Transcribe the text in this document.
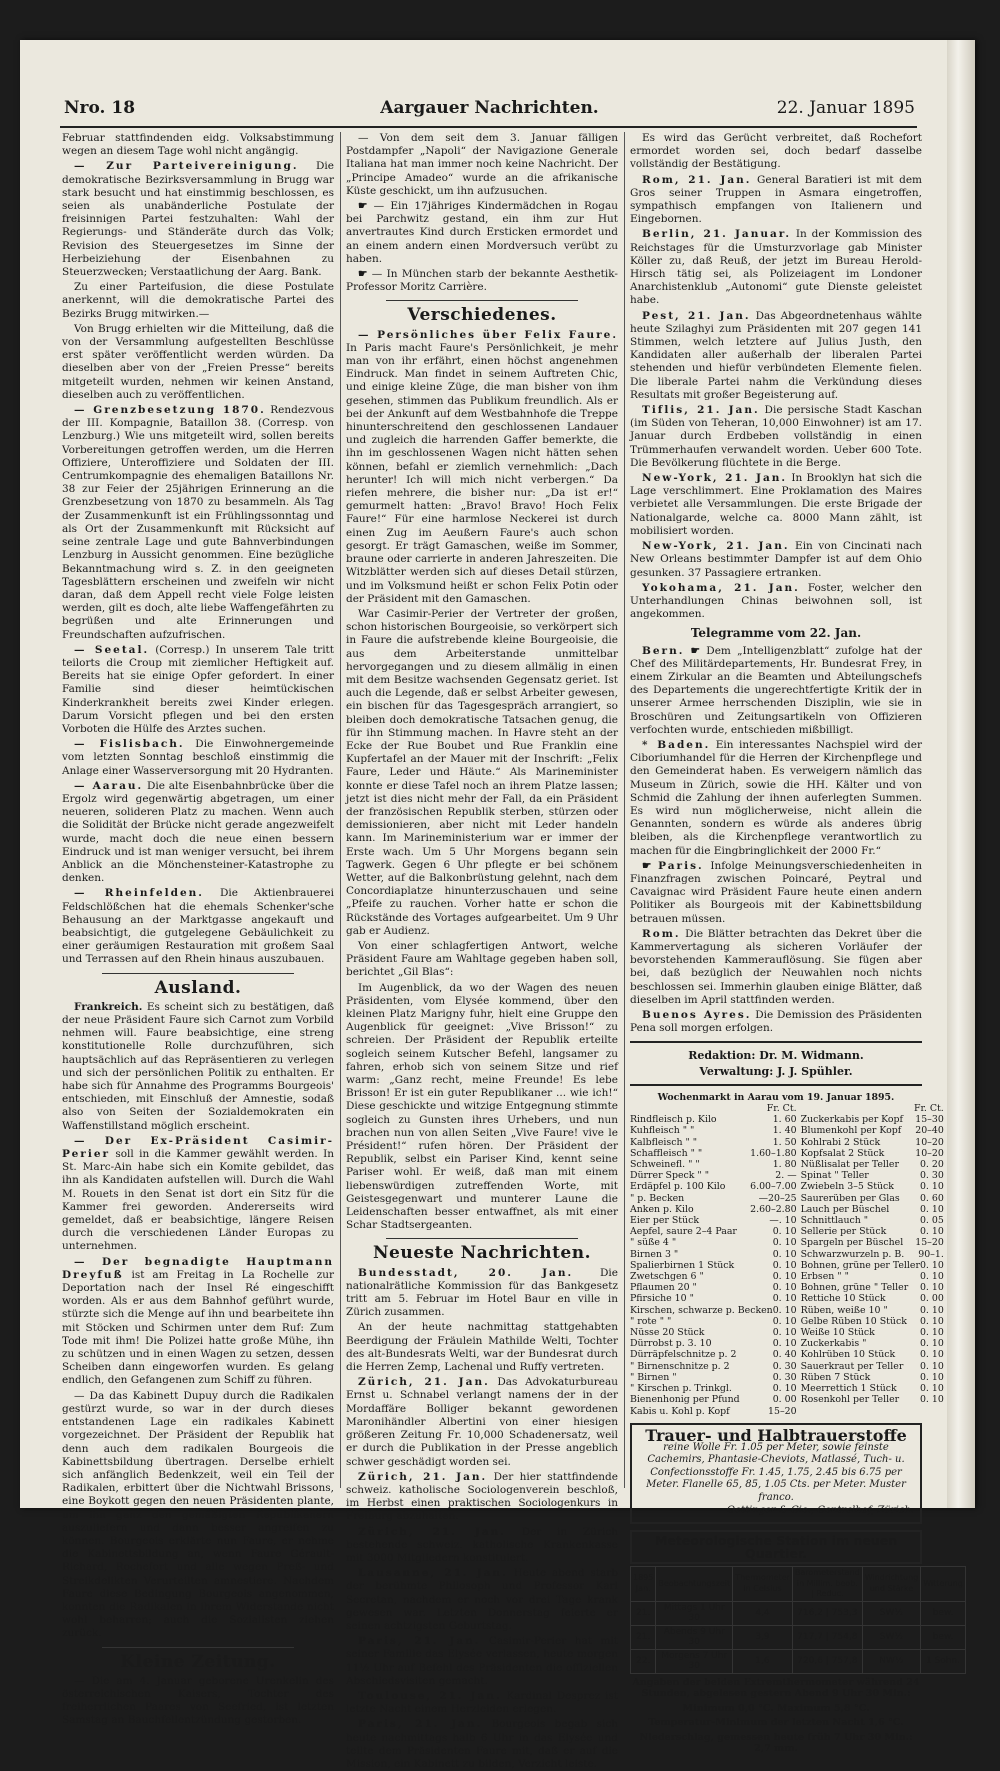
Nro. 18	Aargauer Nachrichten.	22. Januar 1895

Februar stattfindenden eidg. Volksabstimmung wegen an diesem Tage wohl nicht angängig.

— Zur Parteivereinigung. Die demokratische Bezirksversammlung in Brugg war stark besucht und hat einstimmig beschlossen, es seien als unabänderliche Postulate der freisinnigen Partei festzuhalten: Wahl der Regierungs- und Ständeräte durch das Volk; Revision des Steuergesetzes im Sinne der Herbeiziehung der Eisenbahnen zu Steuerzwecken; Verstaatlichung der Aarg. Bank.

Zu einer Parteifusion, die diese Postulate anerkennt, will die demokratische Partei des Bezirks Brugg mitwirken.—

Von Brugg erhielten wir die Mitteilung, daß die von der Versammlung aufgestellten Beschlüsse erst später veröffentlicht werden würden. Da dieselben aber von der „Freien Presse“ bereits mitgeteilt wurden, nehmen wir keinen Anstand, dieselben auch zu veröffentlichen.

— Grenzbesetzung 1870. Rendezvous der III. Kompagnie, Bataillon 38. (Corresp. von Lenzburg.) Wie uns mitgeteilt wird, sollen bereits Vorbereitungen getroffen werden, um die Herren Offiziere, Unteroffiziere und Soldaten der III. Centrumkompagnie des ehemaligen Bataillons Nr. 38 zur Feier der 25jährigen Erinnerung an die Grenzbesetzung von 1870 zu besammeln. Als Tag der Zusammenkunft ist ein Frühlingssonntag und als Ort der Zusammenkunft mit Rücksicht auf seine zentrale Lage und gute Bahnverbindungen Lenzburg in Aussicht genommen. Eine bezügliche Bekanntmachung wird s. Z. in den geeigneten Tagesblättern erscheinen und zweifeln wir nicht daran, daß dem Appell recht viele Folge leisten werden, gilt es doch, alte liebe Waffengefährten zu begrüßen und alte Erinnerungen und Freundschaften aufzufrischen.

— Seetal. (Corresp.) In unserem Tale tritt teilorts die Croup mit ziemlicher Heftigkeit auf. Bereits hat sie einige Opfer gefordert. In einer Familie sind dieser heimtückischen Kinderkrankheit bereits zwei Kinder erlegen. Darum Vorsicht pflegen und bei den ersten Vorboten die Hülfe des Arztes suchen.

— Fislisbach. Die Einwohnergemeinde vom letzten Sonntag beschloß einstimmig die Anlage einer Wasserversorgung mit 20 Hydranten.

— Aarau. Die alte Eisenbahnbrücke über die Ergolz wird gegenwärtig abgetragen, um einer neueren, solideren Platz zu machen. Wenn auch die Solidität der Brücke nicht gerade angezweifelt wurde, macht doch die neue einen bessern Eindruck und ist man weniger versucht, bei ihrem Anblick an die Mönchensteiner-Katastrophe zu denken.

— Rheinfelden. Die Aktienbrauerei Feldschlößchen hat die ehemals Schenker'sche Behausung an der Marktgasse angekauft und beabsichtigt, die gutgelegene Gebäulichkeit zu einer geräumigen Restauration mit großem Saal und Terrassen auf den Rhein hinaus auszubauen.

Ausland.

Frankreich. Es scheint sich zu bestätigen, daß der neue Präsident Faure sich Carnot zum Vorbild nehmen will. Faure beabsichtige, eine streng konstitutionelle Rolle durchzuführen, sich hauptsächlich auf das Repräsentieren zu verlegen und sich der persönlichen Politik zu enthalten. Er habe sich für Annahme des Programms Bourgeois' entschieden, mit Einschluß der Amnestie, sodaß also von Seiten der Sozialdemokraten ein Waffenstillstand möglich erscheint.

— Der Ex-Präsident Casimir-Perier soll in die Kammer gewählt werden. In St. Marc-Ain habe sich ein Komite gebildet, das ihn als Kandidaten aufstellen will. Durch die Wahl M. Rouets in den Senat ist dort ein Sitz für die Kammer frei geworden. Andererseits wird gemeldet, daß er beabsichtige, längere Reisen durch die verschiedenen Länder Europas zu unternehmen.

— Der begnadigte Hauptmann Dreyfuß ist am Freitag in La Rochelle zur Deportation nach der Insel Ré eingeschifft worden. Als er aus dem Bahnhof geführt wurde, stürzte sich die Menge auf ihn und bearbeitete ihn mit Stöcken und Schirmen unter dem Ruf: Zum Tode mit ihm! Die Polizei hatte große Mühe, ihn zu schützen und in einen Wagen zu setzen, dessen Scheiben dann eingeworfen wurden. Es gelang endlich, den Gefangenen zum Schiff zu führen.

— Da das Kabinett Dupuy durch die Radikalen gestürzt wurde, so war in der durch dieses entstandenen Lage ein radikales Kabinett vorgezeichnet. Der Präsident der Republik hat denn auch dem radikalen Bourgeois die Kabinettsbildung übertragen. Derselbe erhielt sich anfänglich Bedenkzeit, weil ein Teil der Radikalen, erbittert über die Nichtwahl Brissons, eine Boykott gegen den neuen Präsidenten plante, um ihn ganz den gemäßigten Republikanern auszuliefern und dann besser angreifen zu können. Bourgeois erklärte nun Faure, er nehme die Kabinettsbildung an, wenn Faure Gérault-Richard, Rochefort und alle wegen Preß- und Streikdelikten Verurteilten amnestiere. Nachdem Faure diese Bedingung Bourgeois angenommen, konnten die Radikalen in ihrem Widerstande nicht wohl beharren; auch die Sozialisten ziehen zurück.

Kleine Zeitung.

— Die am 4. Januar geborene Urenkelin des österreichischen Kaisers, Tochter des freiherrlichen Paares von Seefried, ist letzten Samstag an Bauchfellentzündung gestorben.

— Von dem seit dem 3. Januar fälligen Postdampfer „Napoli“ der Navigazione Generale Italiana hat man immer noch keine Nachricht. Der „Principe Amadeo“ wurde an die afrikanische Küste geschickt, um ihn aufzusuchen.

☛ — Ein 17jähriges Kindermädchen in Rogau bei Parchwitz gestand, ein ihm zur Hut anvertrautes Kind durch Ersticken ermordet und an einem andern einen Mordversuch verübt zu haben.

☛ — In München starb der bekannte Aesthetik-Professor Moritz Carrière.

Verschiedenes.

— Persönliches über Felix Faure. In Paris macht Faure's Persönlichkeit, je mehr man von ihr erfährt, einen höchst angenehmen Eindruck. Man findet in seinem Auftreten Chic, und einige kleine Züge, die man bisher von ihm gesehen, stimmen das Publikum freundlich. Als er bei der Ankunft auf dem Westbahnhofe die Treppe hinunterschreitend den geschlossenen Landauer und zugleich die harrenden Gaffer bemerkte, die ihn im geschlossenen Wagen nicht hätten sehen können, befahl er ziemlich vernehmlich: „Dach herunter! Ich will mich nicht verbergen.“ Da riefen mehrere, die bisher nur: „Da ist er!“ gemurmelt hatten: „Bravo! Bravo! Hoch Felix Faure!“ Für eine harmlose Neckerei ist durch einen Zug im Aeußern Faure's auch schon gesorgt. Er trägt Gamaschen, weiße im Sommer, braune oder carrierte in anderen Jahreszeiten. Die Witzblätter werden sich auf dieses Detail stürzen, und im Volksmund heißt er schon Felix Potin oder der Präsident mit den Gamaschen.

War Casimir-Perier der Vertreter der großen, schon historischen Bourgeoisie, so verkörpert sich in Faure die aufstrebende kleine Bourgeoisie, die aus dem Arbeiterstande unmittelbar hervorgegangen und zu diesem allmälig in einen mit dem Besitze wachsenden Gegensatz geriet. Ist auch die Legende, daß er selbst Arbeiter gewesen, ein bischen für das Tagesgespräch arrangiert, so bleiben doch demokratische Tatsachen genug, die für ihn Stimmung machen. In Havre steht an der Ecke der Rue Boubet und Rue Franklin eine Kupfertafel an der Mauer mit der Inschrift: „Felix Faure, Leder und Häute.“ Als Marineminister konnte er diese Tafel noch an ihrem Platze lassen; jetzt ist dies nicht mehr der Fall, da ein Präsident der französischen Republik sterben, stürzen oder demissionieren, aber nicht mit Leder handeln kann. Im Marineministerium war er immer der Erste wach. Um 5 Uhr Morgens begann sein Tagwerk. Gegen 6 Uhr pflegte er bei schönem Wetter, auf die Balkonbrüstung gelehnt, nach dem Concordiaplatze hinunterzuschauen und seine „Pfeife zu rauchen. Vorher hatte er schon die Rückstände des Vortages aufgearbeitet. Um 9 Uhr gab er Audienz.

Von einer schlagfertigen Antwort, welche Präsident Faure am Wahltage gegeben haben soll, berichtet „Gil Blas“:

Im Augenblick, da wo der Wagen des neuen Präsidenten, vom Elysée kommend, über den kleinen Platz Marigny fuhr, hielt eine Gruppe den Augenblick für geeignet: „Vive Brisson!“ zu schreien. Der Präsident der Republik erteilte sogleich seinem Kutscher Befehl, langsamer zu fahren, erhob sich von seinem Sitze und rief warm: „Ganz recht, meine Freunde! Es lebe Brisson! Er ist ein guter Republikaner ... wie ich!“ Diese geschickte und witzige Entgegnung stimmte sogleich zu Gunsten ihres Urhebers, und nun brachen nun von allen Seiten „Vive Faure! vive le Président!“ rufen hören. Der Präsident der Republik, selbst ein Pariser Kind, kennt seine Pariser wohl. Er weiß, daß man mit einem liebenswürdigen zutreffenden Worte, mit Geistesgegenwart und munterer Laune die Leidenschaften besser entwaffnet, als mit einer Schar Stadtsergeanten.

Neueste Nachrichten.

Bundesstadt, 20. Jan.	Die nationalrätliche Kommission für das Bankgesetz tritt am 5. Februar im Hotel Baur en ville in Zürich zusammen.

An der heute nachmittag stattgehabten Beerdigung der Fräulein Mathilde Welti, Tochter des alt-Bundesrats Welti, war der Bundesrat durch die Herren Zemp, Lachenal und Ruffy vertreten.

Zürich, 21. Jan. Das Advokaturbureau Ernst u. Schnabel verlangt namens der in der Mordaffäre Bolliger bekannt gewordenen Maronihändler Albertini von einer hiesigen größeren Zeitung Fr. 10,000 Schadenersatz, weil er durch die Publikation in der Presse angeblich schwer geschädigt worden sei.

Zürich, 21. Jan. Der hier stattfindende schweiz. katholische Sociologenverein beschloß, im Herbst einen praktischen Sociologenkurs in Freiburg abzuhalten.

Zürich, 21. Jan. Der in Zürich bestehende schweiz. katholische Krankenkasse mit 3000 Mitgliedern konstituiert.

Lausanne, 21. Jan. Heute abend starb der berühmte Philosoph und Professor Karl Secretan, nachdem er noch vor drei Tage krank gewesen war. Letzten Donnerstag feierte er seinen achtzigsten Geburtstag.

Paris, 21. Jan. Casimir-Perier hat mit seiner Familie das Elysée verlassen, heute morgen 11½ Uhr auf Befehl des Präsidenten die offiziellen Abschiedsvisiten gemacht.

Toulouse, 21. Jan. Kardinal Desprez ist letzte Nacht einem Herzleiden erlegen.

Paris, 21. Jan. Bourgeois begab sich heute nachmittags halb 6 Uhr in das Elysée und teilte dem Präsidenten Faure mit, daß er auf die Mission, ein Kabinett zu bilden, Verzicht leiste.

Es wird das Gerücht verbreitet, daß Rochefort ermordet worden sei, doch bedarf dasselbe vollständig der Bestätigung.

Rom, 21. Jan. General Baratieri ist mit dem Gros seiner Truppen in Asmara eingetroffen, sympathisch empfangen von Italienern und Eingebornen.

Berlin, 21. Januar. In der Kommission des Reichstages für die Umsturzvorlage gab Minister Köller zu, daß Reuß, der jetzt im Bureau Herold-Hirsch tätig sei, als Polizeiagent im Londoner Anarchistenklub „Autonomi“ gute Dienste geleistet habe.

Pest, 21. Jan. Das Abgeordnetenhaus wählte heute Szilaghyi zum Präsidenten mit 207 gegen 141 Stimmen, welch letztere auf Julius Justh, den Kandidaten aller außerhalb der liberalen Partei stehenden und hiefür verbündeten Elemente fielen. Die liberale Partei nahm die Verkündung dieses Resultats mit großer Begeisterung auf.

Tiflis, 21. Jan. Die persische Stadt Kaschan (im Süden von Teheran, 10,000 Einwohner) ist am 17. Januar durch Erdbeben vollständig in einen Trümmerhaufen verwandelt worden. Ueber 600 Tote. Die Bevölkerung flüchtete in die Berge.

New-York, 21. Jan. In Brooklyn hat sich die Lage verschlimmert. Eine Proklamation des Maires verbietet alle Versammlungen. Die erste Brigade der Nationalgarde, welche ca. 8000 Mann zählt, ist mobilisiert worden.

New-York, 21. Jan. Ein von Cincinati nach New Orleans bestimmter Dampfer ist auf dem Ohio gesunken. 37 Passagiere ertranken.

Yokohama, 21. Jan. Foster, welcher den Unterhandlungen Chinas beiwohnen soll, ist angekommen.

Telegramme vom 22. Jan.

Bern. ☛ Dem „Intelligenzblatt“ zufolge hat der Chef des Militärdepartements, Hr. Bundesrat Frey, in einem Zirkular an die Beamten und Abteilungschefs des Departements die ungerechtfertigte Kritik der in unserer Armee herrschenden Disziplin, wie sie in Broschüren und Zeitungsartikeln von Offizieren verfochten wurde, entschieden mißbilligt.

* Baden. Ein interessantes Nachspiel wird der Ciboriumhandel für die Herren der Kirchenpflege und den Gemeinderat haben. Es verweigern nämlich das Museum in Zürich, sowie die HH. Kälter und von Schmid die Zahlung der ihnen auferlegten Summen. Es wird nun möglicherweise, nicht allein die Genannten, sondern es würde als anderes übrig bleiben, als die Kirchenpflege verantwortlich zu machen für die Eingbringlichkeit der 2000 Fr.“

☛ Paris. Infolge Meinungsverschiedenheiten in Finanzfragen zwischen Poincaré, Peytral und Cavaignac wird Präsident Faure heute einen andern Politiker als Bourgeois mit der Kabinettsbildung betrauen müssen.

Rom. Die Blätter betrachten das Dekret über die Kammervertagung als sicheren Vorläufer der bevorstehenden Kammerauflösung. Sie fügen aber bei, daß bezüglich der Neuwahlen noch nichts beschlossen sei. Immerhin glauben einige Blätter, daß dieselben im April stattfinden werden.

Buenos Ayres. Die Demission des Präsidenten Pena soll morgen erfolgen.

Redaktion: Dr. M. Widmann.
Verwaltung: J. J. Spühler.
Wochenmarkt in Aarau vom 19. Januar 1895.
Fr. Ct.
Rindfleisch p. Kilo	1. 60
Kuhfleisch " "	1. 40
Kalbfleisch " "	1. 50
Schaffleisch " "	1.60–1.80
Schweinefl. " "	1. 80
Dürrer Speck " "	2. —
Erdäpfel p. 100 Kilo	6.00–7.00
" p. Becken	—20–25
Anken p. Kilo	2.60–2.80
Eier per Stück	—. 10
Aepfel, saure 2–4 Paar	0. 10
" süße 4 "	0. 10
Birnen 3 "	0. 10
Spalierbirnen 1 Stück	0. 10
Zwetschgen 6 "	0. 10
Pflaumen 20 "	0. 10
Pfirsiche 10 "	0. 10
Kirschen, schwarze p. Becken 0. 10
" rote " "	0. 10
Nüsse 20 Stück	0. 10
Dürrobst p. 3. 10	0. 10
Dürräpfelschnitze p. 2	0. 40
" Birnenschnitze p. 2	0. 30
" Birnen "	0. 30
" Kirschen p. Trinkgl.	0. 10
Bienenhonig per Pfund	0. 00
Kabis u. Kohl p. Kopf	15–20
Fr. Ct.
Zuckerkabis per Kopf 15–30
Blumenkohl per Kopf 20–40
Kohlrabi 2 Stück	10–20
Kopfsalat 2 Stück	10–20
Nüßlisalat per Teller 0. 20
Spinat " Teller	0. 30
Zwiebeln 3–5 Stück	0. 10
Saurerüben per Glas 0. 60
Lauch per Büschel	0. 10
Schnittlauch "	0. 05
Sellerie per Stück	0. 10
Spargeln per Büschel 15–20
Schwarzwurzeln p. B. 90–1.
Bohnen, grüne per Teller 0. 10
Erbsen " "	0. 10
Bohnen, grüne " Teller 0. 10
Rettiche 10 Stück	0. 00
Rüben, weiße 10 "	0. 10
Gelbe Rüben 10 Stück 0. 10
Weiße 10 Stück	0. 10
Zuckerkabis "	0. 10
Kohlrüben 10 Stück	0. 10
Sauerkraut per Teller 0. 10
Rüben 7 Stück	0. 10
Meerrettich 1 Stück 0. 10
Rosenkohl per Teller 0. 10
Trauer- und Halbtrauerstoffe
reine Wolle Fr. 1.05 per Meter, sowie feinste Cachemirs, Phantasie-Cheviots, Matlassé, Tuch- u. Confectionsstoffe Fr. 1.45, 1.75, 2.45 bis 6.75 per Meter. Flanelle 65, 85, 1.05 Cts. per Meter. Muster franco.
Oettinger & Cie., Centralhof, Zürich.
Meteorologische Station im neuen Quartier.
1895 Jan.	Beobachtungszeit	Thermometer in Celsius	Barometerstand in Millim. beob. | Reduc.	Windrichtung und Stärke	Witterung
21.	Mittags 1 Uhr 30	4,4	716,2 | 753,3	SW½	bew.
21.	Abends 9 Uhr 30	3,9	717,7 | 754,8	SW½	bew.
22.	Morgens 7 Uhr 30	1,6	720,6 | 757,8	NW½	1 Sohn.
Angaben der beiden Extremthermometer während 24 Stunden, abgelesen gestern Abend 9 Uhr 30 Min.:
Minimum 0,0 °C. Maximum 5,8 °C.
Temperatur-Minimum der letzten Nacht 1,6 °C.
Niederschlag, gemessen heute früh 7 Uhr 30 Min.: 2,7 mm.
